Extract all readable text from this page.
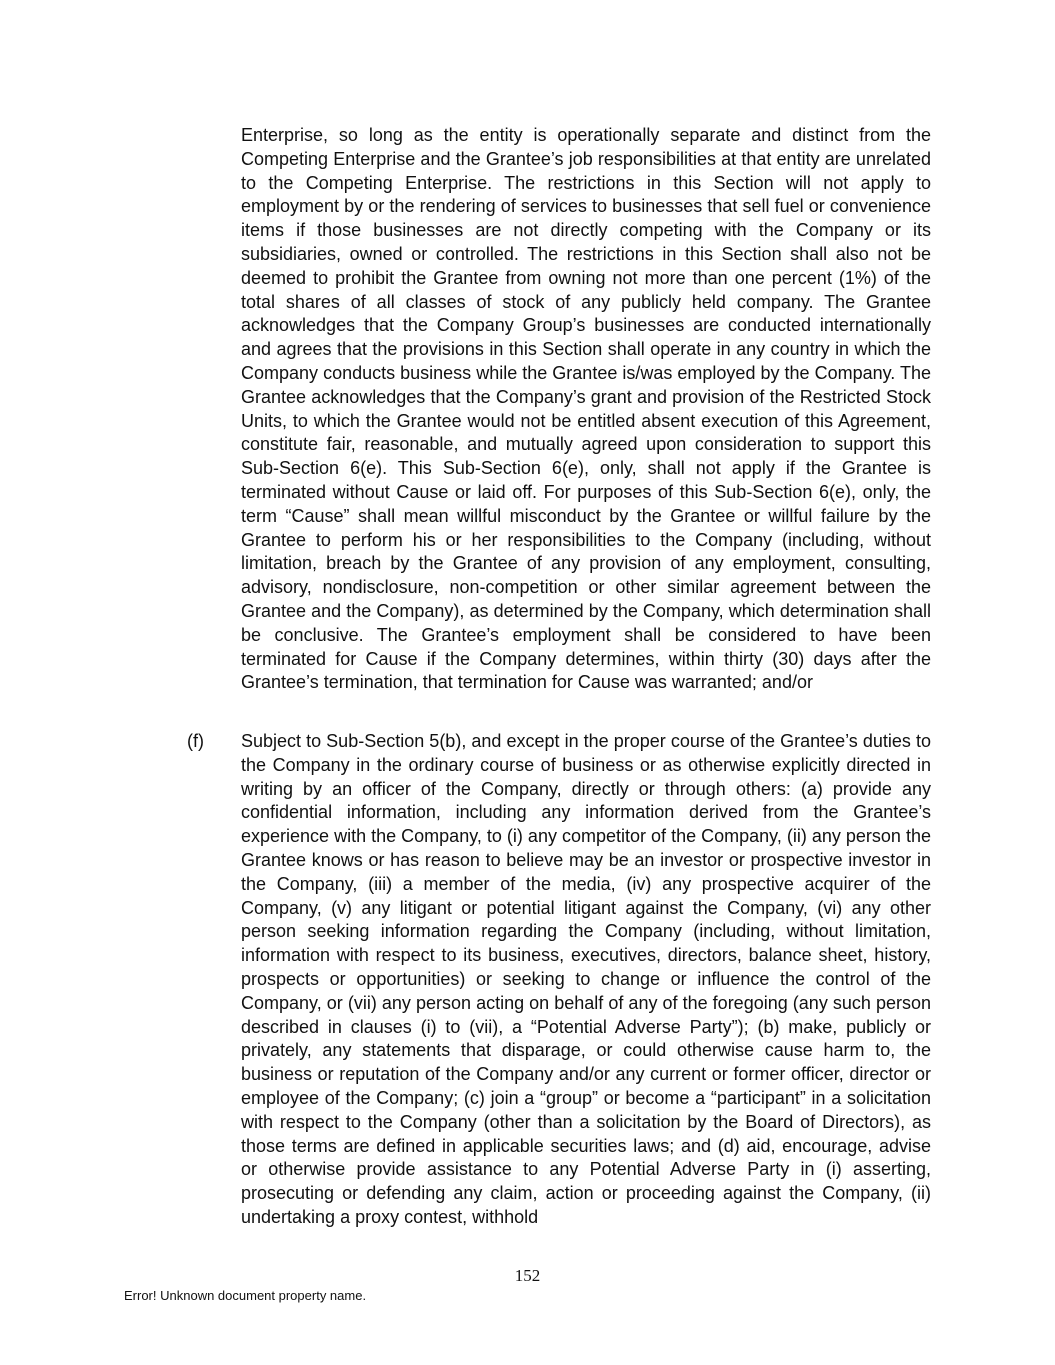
Enterprise, so long as the entity is operationally separate and distinct from the Competing Enterprise and the Grantee’s job responsibilities at that entity are unrelated to the Competing Enterprise. The restrictions in this Section will not apply to employment by or the rendering of services to businesses that sell fuel or convenience items if those businesses are not directly competing with the Company or its subsidiaries, owned or controlled. The restrictions in this Section shall also not be deemed to prohibit the Grantee from owning not more than one percent (1%) of the total shares of all classes of stock of any publicly held company. The Grantee acknowledges that the Company Group’s businesses are conducted internationally and agrees that the provisions in this Section shall operate in any country in which the Company conducts business while the Grantee is/was employed by the Company. The Grantee acknowledges that the Company’s grant and provision of the Restricted Stock Units, to which the Grantee would not be entitled absent execution of this Agreement, constitute fair, reasonable, and mutually agreed upon consideration to support this Sub-Section 6(e). This Sub-Section 6(e), only, shall not apply if the Grantee is terminated without Cause or laid off. For purposes of this Sub-Section 6(e), only, the term “Cause” shall mean willful misconduct by the Grantee or willful failure by the Grantee to perform his or her responsibilities to the Company (including, without limitation, breach by the Grantee of any provision of any employment, consulting, advisory, nondisclosure, non-competition or other similar agreement between the Grantee and the Company), as determined by the Company, which determination shall be conclusive. The Grantee’s employment shall be considered to have been terminated for Cause if the Company determines, within thirty (30) days after the Grantee’s termination, that termination for Cause was warranted; and/or

(f) Subject to Sub-Section 5(b), and except in the proper course of the Grantee’s duties to the Company in the ordinary course of business or as otherwise explicitly directed in writing by an officer of the Company, directly or through others: (a) provide any confidential information, including any information derived from the Grantee’s experience with the Company, to (i) any competitor of the Company, (ii) any person the Grantee knows or has reason to believe may be an investor or prospective investor in the Company, (iii) a member of the media, (iv) any prospective acquirer of the Company, (v) any litigant or potential litigant against the Company, (vi) any other person seeking information regarding the Company (including, without limitation, information with respect to its business, executives, directors, balance sheet, history, prospects or opportunities) or seeking to change or influence the control of the Company, or (vii) any person acting on behalf of any of the foregoing (any such person described in clauses (i) to (vii), a “Potential Adverse Party”); (b) make, publicly or privately, any statements that disparage, or could otherwise cause harm to, the business or reputation of the Company and/or any current or former officer, director or employee of the Company; (c) join a “group” or become a “participant” in a solicitation with respect to the Company (other than a solicitation by the Board of Directors), as those terms are defined in applicable securities laws; and (d) aid, encourage, advise or otherwise provide assistance to any Potential Adverse Party in (i) asserting, prosecuting or defending any claim, action or proceeding against the Company, (ii) undertaking a proxy contest, withhold

152
Error! Unknown document property name.
